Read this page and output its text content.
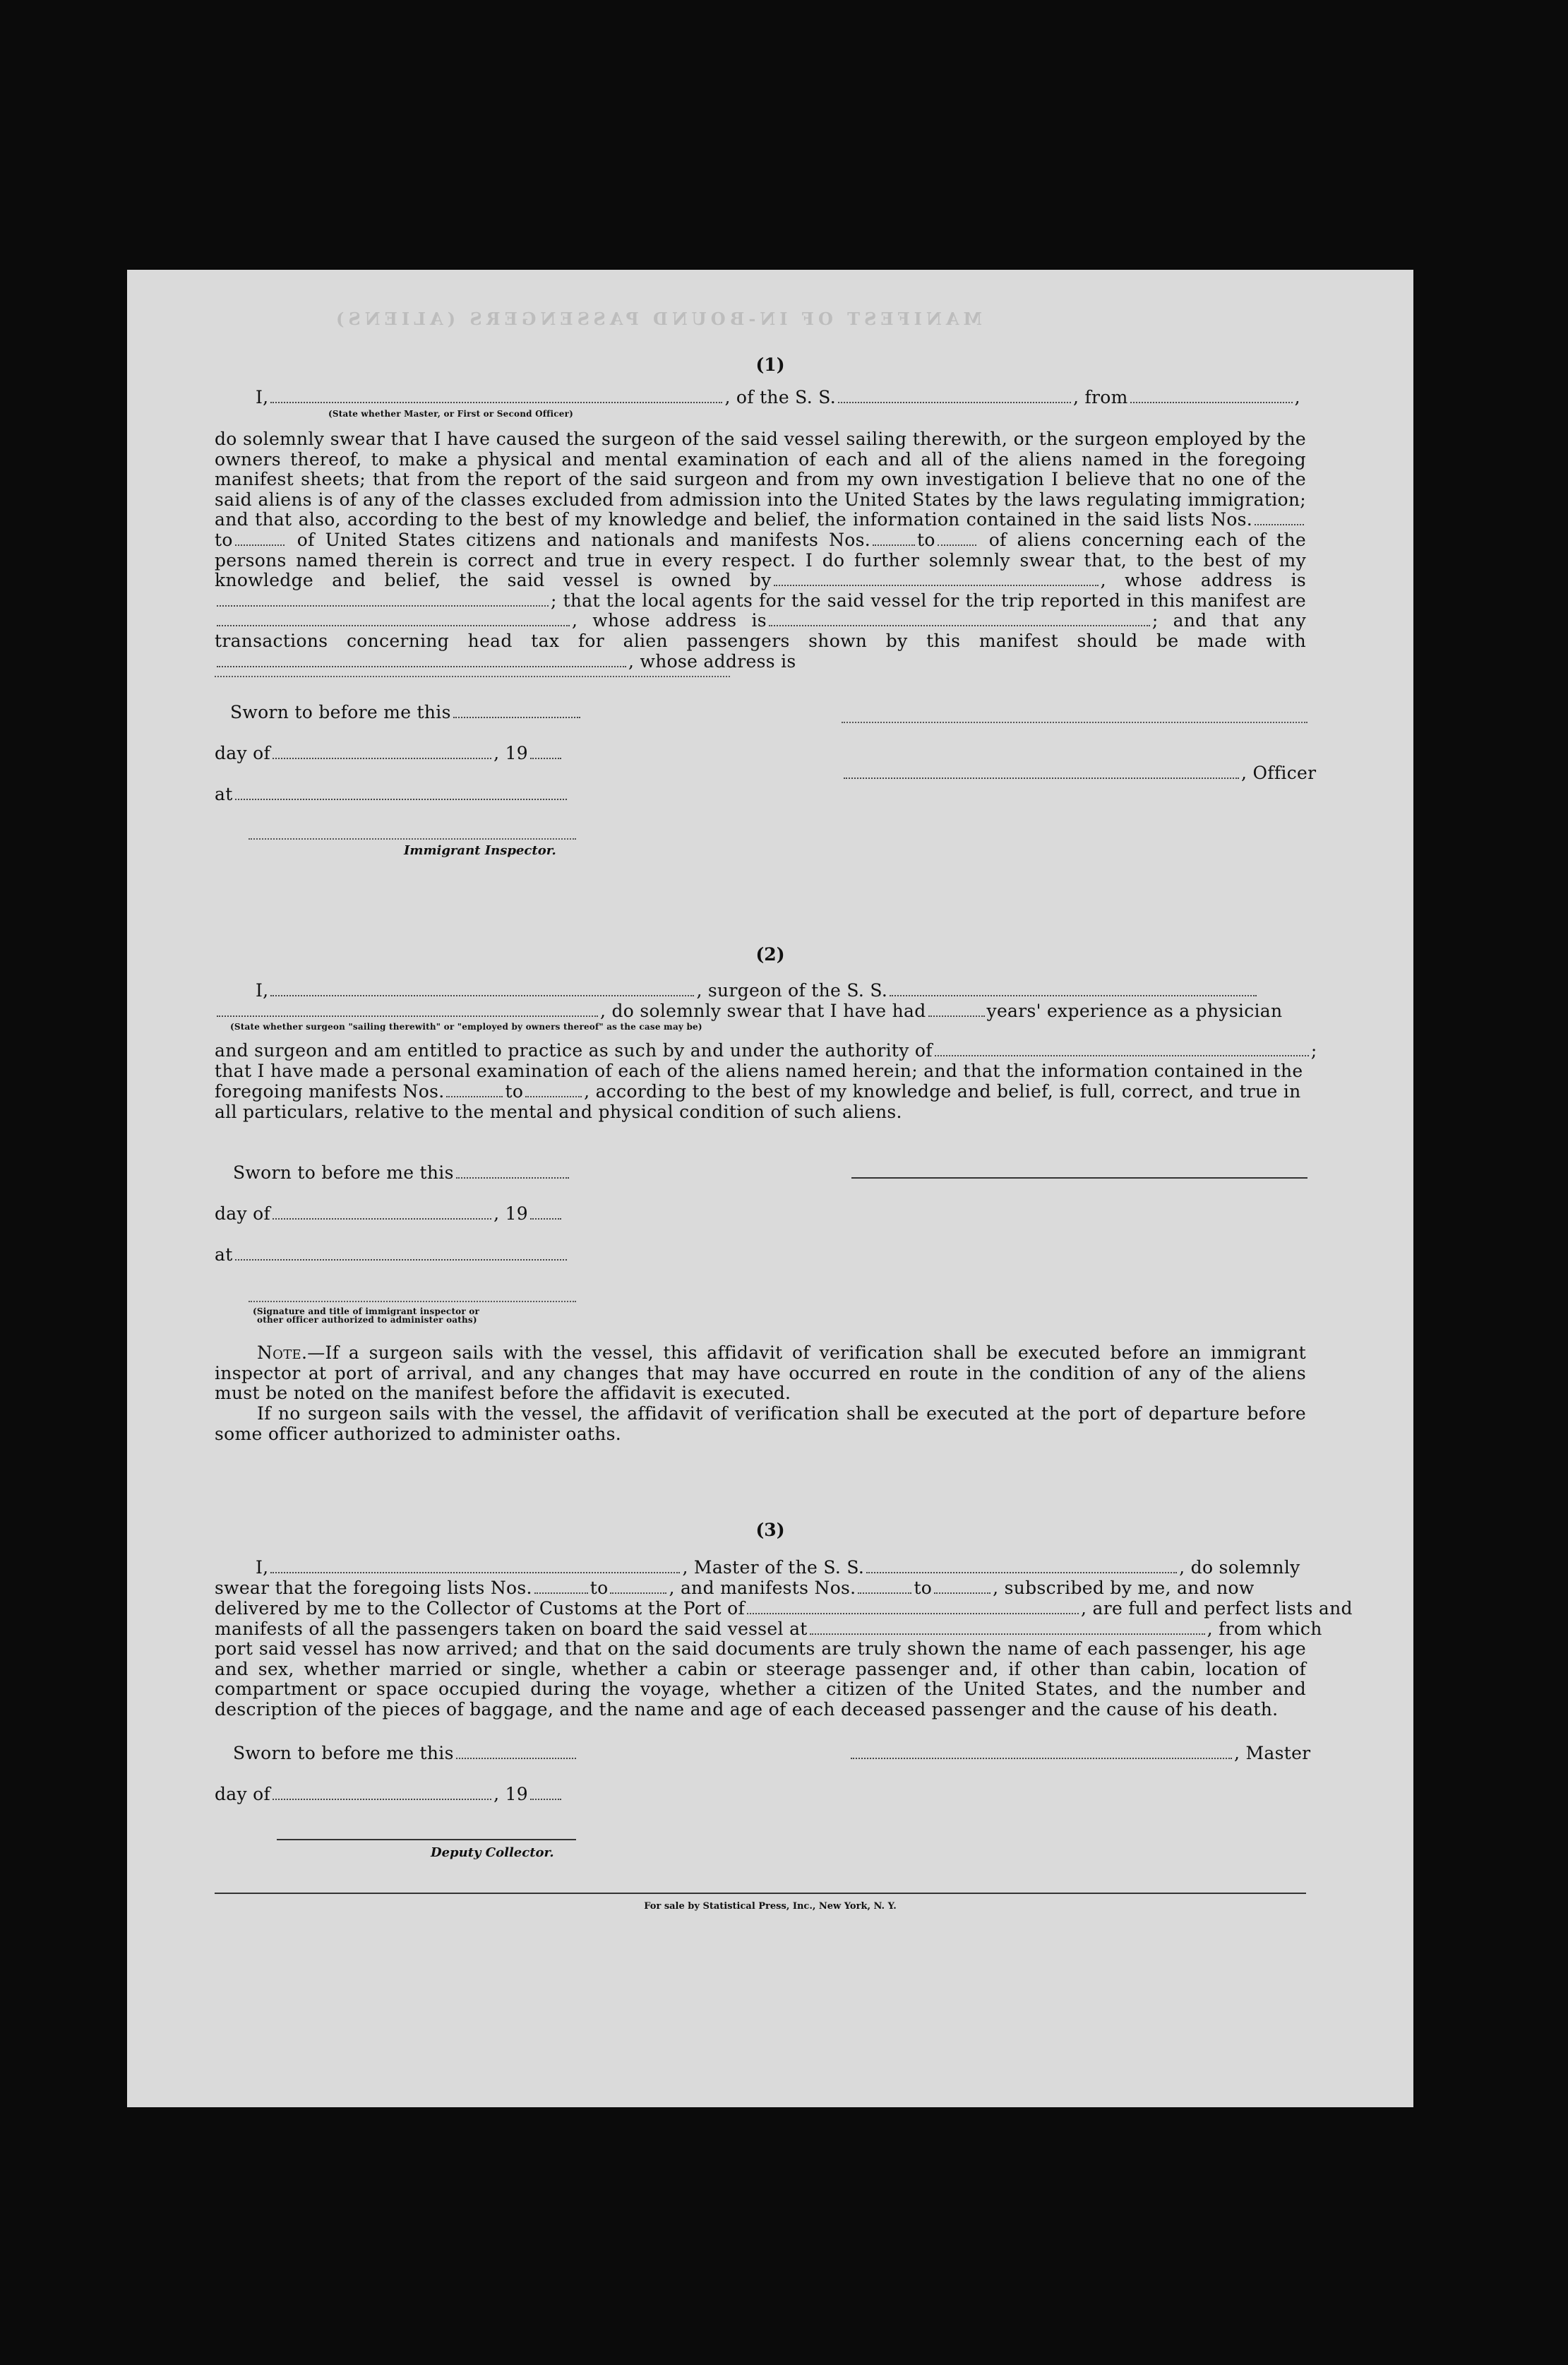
MANIFEST OF IN-BOUND PASSENGERS (ALIENS)
(1)
I,	, of the S. S.	, from	,
(State whether Master, or First or Second Officer)
do solemnly swear that I have caused the surgeon of the said vessel sailing therewith, or the surgeon employed by the owners thereof, to make a physical and mental examination of each and all of the aliens named in the foregoing manifest sheets; that from the report of the said surgeon and from my own investigation I believe that no one of the said aliens is of any of the classes excluded from admission into the United States by the laws regulating immigration; and that also, according to the best of my knowledge and belief, the information contained in the said lists Nos.to	of United States citizens and nationals and manifests Nos.	to	of aliens concerning each of the persons named therein is correct and true in every respect. I do further solemnly swear that, to the best of my knowledge and belief, the said vessel is owned by	, whose address is; that the local agents for the said vessel for the trip reported in this manifest are, whose address is	; and that any transactions concerning head tax for alien passengers shown by this manifest should be made with, whose address is
Sworn to before me this
day of	, 19
, Officer
at
Immigrant Inspector.
(2)
I,	, surgeon of the S. S.
, do solemnly swear that I have had	years' experience as a physician
(State whether surgeon "sailing therewith" or "employed by owners thereof" as the case may be)
and surgeon and am entitled to practice as such by and under the authority of	;
that I have made a personal examination of each of the aliens named herein; and that the information contained in the
foregoing manifests Nos.	to	, according to the best of my knowledge and belief, is full, correct, and true in
all particulars, relative to the mental and physical condition of such aliens.
Sworn to before me this
day of	, 19
at
(Signature and title of immigrant inspector or
other officer authorized to administer oaths)
Note.—If a surgeon sails with the vessel, this affidavit of verification shall be executed before an immigrant inspector at port of arrival, and any changes that may have occurred en route in the condition of any of the aliens must be noted on the manifest before the affidavit is executed.
If no surgeon sails with the vessel, the affidavit of verification shall be executed at the port of departure before some officer authorized to administer oaths.
(3)
I,	, Master of the S. S.	, do solemnly
swear that the foregoing lists Nos.	to	, and manifests Nos.	to	, subscribed by me, and now
delivered by me to the Collector of Customs at the Port of	, are full and perfect lists and
manifests of all the passengers taken on board the said vessel at	, from which
port said vessel has now arrived; and that on the said documents are truly shown the name of each passenger, his age and sex, whether married or single, whether a cabin or steerage passenger and, if other than cabin, location of compartment or space occupied during the voyage, whether a citizen of the United States, and the number and description of the pieces of baggage, and the name and age of each deceased passenger and the cause of his death.
Sworn to before me this	, Master
day of	, 19
Deputy Collector.
For sale by Statistical Press, Inc., New York, N. Y.
